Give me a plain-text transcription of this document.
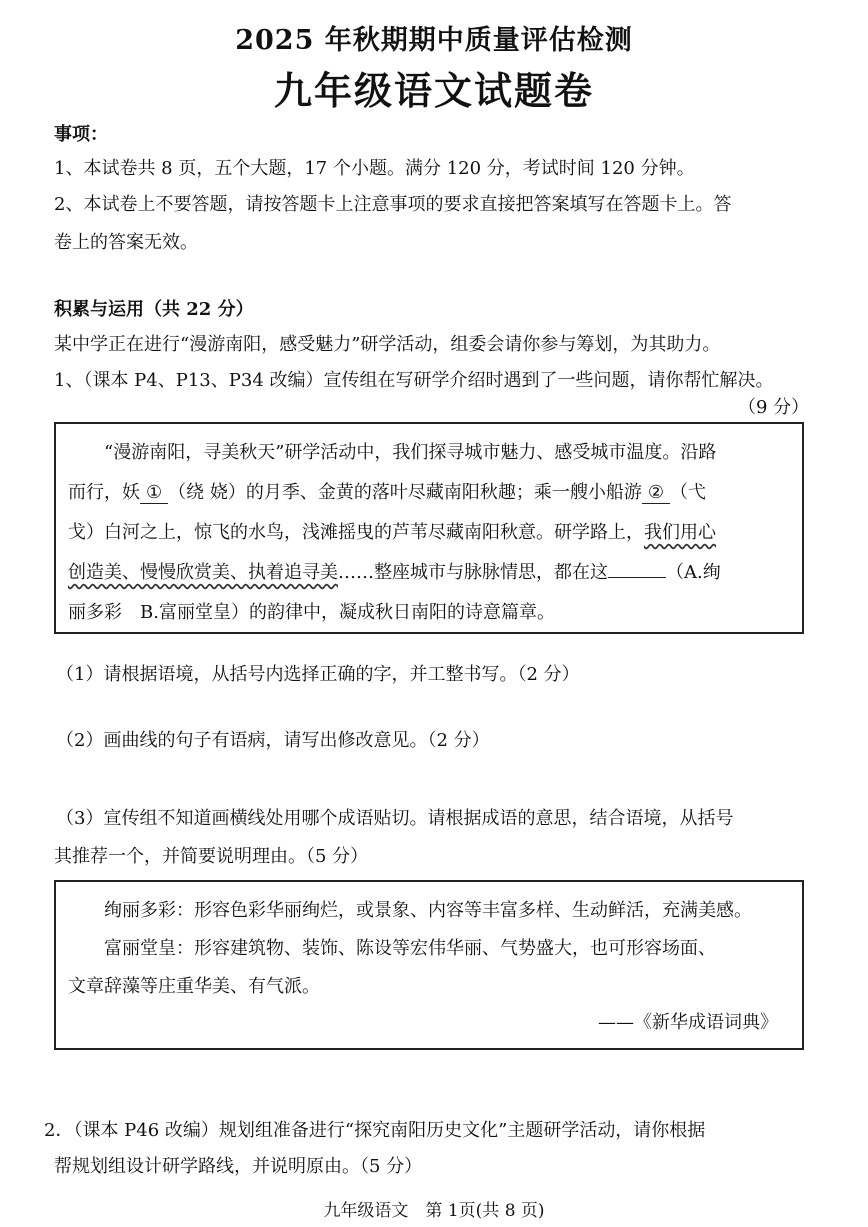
2025 年秋期期中质量评估检测
九年级语文试题卷
事项：
1、本试卷共 8 页，五个大题，17 个小题。满分 120 分，考试时间 120 分钟。
2、本试卷上不要答题，请按答题卡上注意事项的要求直接把答案填写在答题卡上。答
卷上的答案无效。
积累与运用（共 22 分）
某中学正在进行“漫游南阳，感受魅力”研学活动，组委会请你参与筹划，为其助力。
1、（课本 P4、P13、P34 改编）宣传组在写研学介绍时遇到了一些问题，请你帮忙解决。
（9 分）
“漫游南阳，寻美秋天”研学活动中，我们探寻城市魅力、感受城市温度。沿路
而行，妖 ① （绕 娆）的月季、金黄的落叶尽藏南阳秋趣；乘一艘小船游 ② （弋
戈）白河之上，惊飞的水鸟，浅滩摇曳的芦苇尽藏南阳秋意。研学路上，我们用心
创造美、慢慢欣赏美、执着追寻美……整座城市与脉脉情思，都在这	（A.绚
丽多彩　B.富丽堂皇）的韵律中，凝成秋日南阳的诗意篇章。
（1）请根据语境，从括号内选择正确的字，并工整书写。（2 分）
（2）画曲线的句子有语病，请写出修改意见。（2 分）
（3）宣传组不知道画横线处用哪个成语贴切。请根据成语的意思，结合语境，从括号
其推荐一个，并简要说明理由。（5 分）
绚丽多彩：形容色彩华丽绚烂，或景象、内容等丰富多样、生动鲜活，充满美感。
富丽堂皇：形容建筑物、装饰、陈设等宏伟华丽、气势盛大，也可形容场面、
文章辞藻等庄重华美、有气派。
——《新华成语词典》
2．（课本 P46 改编）规划组准备进行“探究南阳历史文化”主题研学活动，请你根据
帮规划组设计研学路线，并说明原由。（5 分）
九年级语文　第 1页(共 8 页)
